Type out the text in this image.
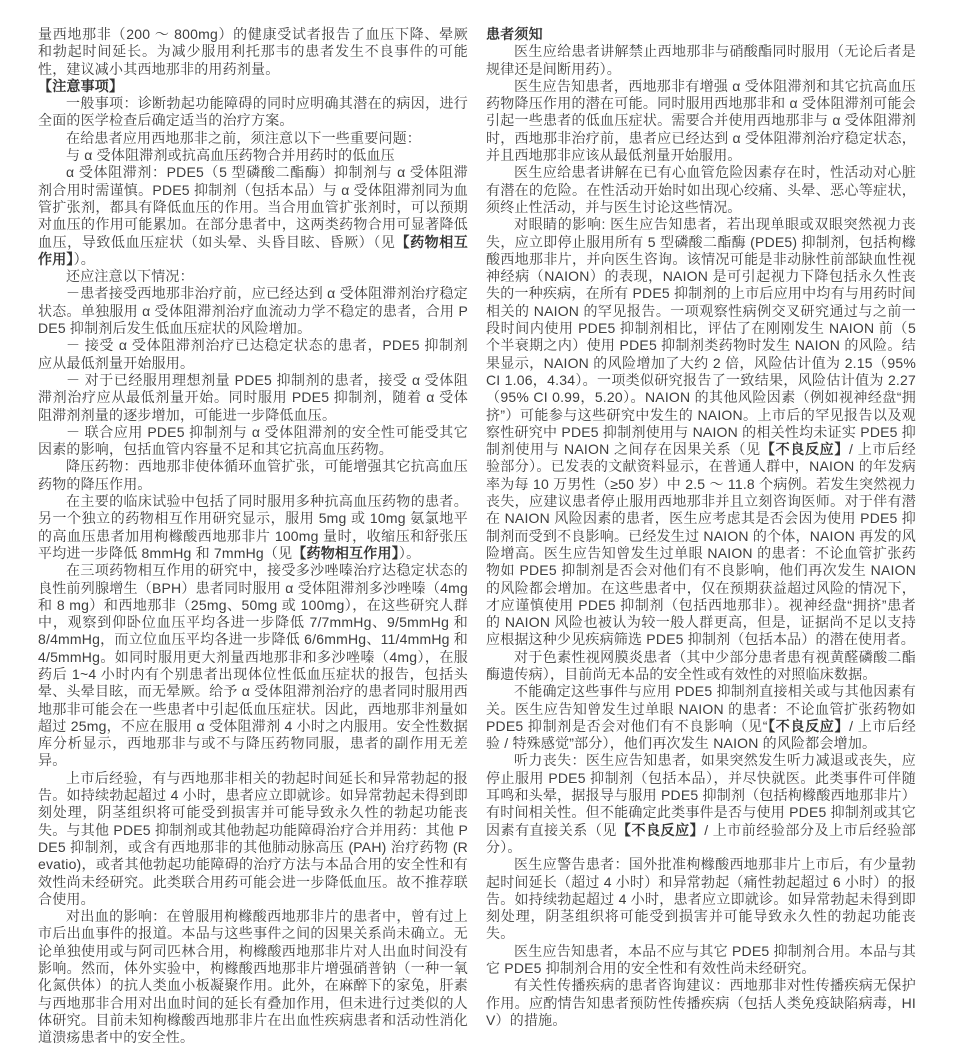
量西地那非（200 ～ 800mg）的健康受试者报告了血压下降、晕厥和勃起时间延长。为减少服用利托那韦的患者发生不良事件的可能性，建议减小其西地那非的用药剂量。

【注意事项】

一般事项：诊断勃起功能障碍的同时应明确其潜在的病因，进行全面的医学检查后确定适当的治疗方案。

在给患者应用西地那非之前，须注意以下一些重要问题：

与 α 受体阻滞剂或抗高血压药物合并用药时的低血压

α 受体阻滞剂：PDE5（5 型磷酸二酯酶）抑制剂与 α 受体阻滞剂合用时需谨慎。PDE5 抑制剂（包括本品）与 α 受体阻滞剂同为血管扩张剂，都具有降低血压的作用。当合用血管扩张剂时，可以预期对血压的作用可能累加。在部分患者中，这两类药物合用可显著降低血压，导致低血压症状（如头晕、头昏目眩、昏厥）（见【药物相互作用】）。

还应注意以下情况：

－患者接受西地那非治疗前，应已经达到 α 受体阻滞剂治疗稳定状态。单独服用 α 受体阻滞剂治疗血流动力学不稳定的患者，合用 PDE5 抑制剂后发生低血压症状的风险增加。

－ 接受 α 受体阻滞剂治疗已达稳定状态的患者，PDE5 抑制剂应从最低剂量开始服用。

－ 对于已经服用理想剂量 PDE5 抑制剂的患者，接受 α 受体阻滞剂治疗应从最低剂量开始。同时服用 PDE5 抑制剂，随着 α 受体阻滞剂剂量的逐步增加，可能进一步降低血压。

－ 联合应用 PDE5 抑制剂与 α 受体阻滞剂的安全性可能受其它因素的影响，包括血管内容量不足和其它抗高血压药物。

降压药物：西地那非使体循环血管扩张，可能增强其它抗高血压药物的降压作用。

在主要的临床试验中包括了同时服用多种抗高血压药物的患者。另一个独立的药物相互作用研究显示，服用 5mg 或 10mg 氨氯地平的高血压患者加用枸橼酸西地那非片 100mg 量时，收缩压和舒张压平均进一步降低 8mmHg 和 7mmHg（见【药物相互作用】）。

在三项药物相互作用的研究中，接受多沙唑嗪治疗达稳定状态的良性前列腺增生（BPH）患者同时服用 α 受体阻滞剂多沙唑嗪（4mg 和 8 mg）和西地那非（25mg、50mg 或 100mg），在这些研究人群中，观察到仰卧位血压平均各进一步降低 7/7mmHg、9/5mmHg 和 8/4mmHg，而立位血压平均各进一步降低 6/6mmHg、11/4mmHg 和 4/5mmHg。如同时服用更大剂量西地那非和多沙唑嗪（4mg），在服药后 1~4 小时内有个别患者出现体位性低血压症状的报告，包括头晕、头晕目眩，而无晕厥。给予 α 受体阻滞剂治疗的患者同时服用西地那非可能会在一些患者中引起低血压症状。因此，西地那非剂量如超过 25mg，不应在服用 α 受体阻滞剂 4 小时之内服用。安全性数据库分析显示，西地那非与或不与降压药物同服，患者的副作用无差异。

上市后经验，有与西地那非相关的勃起时间延长和异常勃起的报告。如持续勃起超过 4 小时，患者应立即就诊。如异常勃起未得到即刻处理，阴茎组织将可能受到损害并可能导致永久性的勃起功能丧失。与其他 PDE5 抑制剂或其他勃起功能障碍治疗合并用药：其他 PDE5 抑制剂，或含有西地那非的其他肺动脉高压 (PAH) 治疗药物 (Revatio)，或者其他勃起功能障碍的治疗方法与本品合用的安全性和有效性尚未经研究。此类联合用药可能会进一步降低血压。故不推荐联合使用。

对出血的影响：在曾服用枸橼酸西地那非片的患者中，曾有过上市后出血事件的报道。本品与这些事件之间的因果关系尚未确立。无论单独使用或与阿司匹林合用，枸橼酸西地那非片对人出血时间没有影响。然而，体外实验中，枸橼酸西地那非片增强硝普钠（一种一氧化氮供体）的抗人类血小板凝聚作用。此外，在麻醉下的家兔，肝素与西地那非合用对出血时间的延长有叠加作用，但未进行过类似的人体研究。目前未知枸橼酸西地那非片在出血性疾病患者和活动性消化道溃疡患者中的安全性。

患者须知

医生应给患者讲解禁止西地那非与硝酸酯同时服用（无论后者是规律还是间断用药）。

医生应告知患者，西地那非有增强 α 受体阻滞剂和其它抗高血压药物降压作用的潜在可能。同时服用西地那非和 α 受体阻滞剂可能会引起一些患者的低血压症状。需要合并使用西地那非与 α 受体阻滞剂时，西地那非治疗前，患者应已经达到 α 受体阻滞剂治疗稳定状态，并且西地那非应该从最低剂量开始服用。

医生应给患者讲解在已有心血管危险因素存在时，性活动对心脏有潜在的危险。在性活动开始时如出现心绞痛、头晕、恶心等症状，须终止性活动，并与医生讨论这些情况。

对眼睛的影响: 医生应告知患者，若出现单眼或双眼突然视力丧失，应立即停止服用所有 5 型磷酸二酯酶 (PDE5) 抑制剂，包括枸橼酸西地那非片，并向医生咨询。该情况可能是非动脉性前部缺血性视神经病（NAION）的表现，NAION 是可引起视力下降包括永久性丧失的一种疾病，在所有 PDE5 抑制剂的上市后应用中均有与用药时间相关的 NAION 的罕见报告。一项观察性病例交叉研究通过与之前一段时间内使用 PDE5 抑制剂相比，评估了在刚刚发生 NAION 前（5 个半衰期之内）使用 PDE5 抑制剂类药物时发生 NAION 的风险。结果显示，NAION 的风险增加了大约 2 倍，风险估计值为 2.15（95% CI 1.06，4.34）。一项类似研究报告了一致结果，风险估计值为 2.27（95% CI 0.99，5.20）。NAION 的其他风险因素（例如视神经盘“拥挤”）可能参与这些研究中发生的 NAION。上市后的罕见报告以及观察性研究中 PDE5 抑制剂使用与 NAION 的相关性均未证实 PDE5 抑制剂使用与 NAION 之间存在因果关系（见【不良反应】/ 上市后经验部分）。已发表的文献资料显示，在普通人群中，NAION 的年发病率为每 10 万男性（≥50 岁）中 2.5 ～ 11.8 个病例。若发生突然视力丧失，应建议患者停止服用西地那非并且立刻咨询医师。对于伴有潜在 NAION 风险因素的患者，医生应考虑其是否会因为使用 PDE5 抑制剂而受到不良影响。已经发生过 NAION 的个体，NAION 再发的风险增高。医生应告知曾发生过单眼 NAION 的患者：不论血管扩张药物如 PDE5 抑制剂是否会对他们有不良影响，他们再次发生 NAION 的风险都会增加。在这些患者中，仅在预期获益超过风险的情况下，才应谨慎使用 PDE5 抑制剂（包括西地那非）。视神经盘“拥挤”患者的 NAION 风险也被认为较一般人群更高，但是，证据尚不足以支持应根据这种少见疾病筛选 PDE5 抑制剂（包括本品）的潜在使用者。

对于色素性视网膜炎患者（其中少部分患者患有视黄醛磷酸二酯酶遗传病），目前尚无本品的安全性或有效性的对照临床数据。

不能确定这些事件与应用 PDE5 抑制剂直接相关或与其他因素有关。医生应告知曾发生过单眼 NAION 的患者：不论血管扩张药物如 PDE5 抑制剂是否会对他们有不良影响（见“【不良反应】/ 上市后经验 / 特殊感觉”部分），他们再次发生 NAION 的风险都会增加。

听力丧失：医生应告知患者，如果突然发生听力减退或丧失，应停止服用 PDE5 抑制剂（包括本品），并尽快就医。此类事件可伴随耳鸣和头晕，据报导与服用 PDE5 抑制剂（包括枸橼酸西地那非片）有时间相关性。但不能确定此类事件是否与使用 PDE5 抑制剂或其它因素有直接关系（见【不良反应】/ 上市前经验部分及上市后经验部分）。

医生应警告患者：国外批准枸橼酸西地那非片上市后，有少量勃起时间延长（超过 4 小时）和异常勃起（痛性勃起超过 6 小时）的报告。如持续勃起超过 4 小时，患者应立即就诊。如异常勃起未得到即刻处理，阴茎组织将可能受到损害并可能导致永久性的勃起功能丧失。

医生应告知患者，本品不应与其它 PDE5 抑制剂合用。本品与其它 PDE5 抑制剂合用的安全性和有效性尚未经研究。

有关性传播疾病的患者咨询建议：西地那非对性传播疾病无保护作用。应酌情告知患者预防性传播疾病（包括人类免疫缺陷病毒，HIV）的措施。
